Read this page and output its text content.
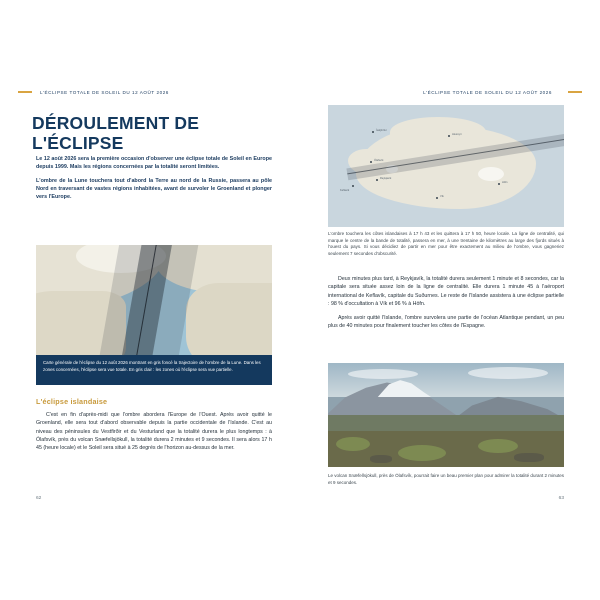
L'ÉCLIPSE TOTALE DE SOLEIL DU 12 AOÛT 2026
DÉROULEMENT DE L'ÉCLIPSE

Le 12 août 2026 sera la première occasion d'observer une éclipse totale de Soleil en Europe depuis 1999. Mais les régions concernées par la totalité seront limitées.

L'ombre de la Lune touchera tout d'abord la Terre au nord de la Russie, passera au pôle Nord en traversant de vastes régions inhabitées, avant de survoler le Groenland et plonger vers l'Europe.

Carte générale de l'éclipse du 12 août 2026 montrant en gris foncé la trajectoire de l'ombre de la Lune. Dans les zones concernées, l'éclipse sera vue totale. En gris clair : les zones où l'éclipse sera vue partielle.

L'éclipse islandaise

C'est en fin d'après-midi que l'ombre abordera l'Europe de l'Ouest. Après avoir quitté le Groenland, elle sera tout d'abord observable depuis la partie occidentale de l'Islande. C'est au niveau des péninsules du Vestfirðir et du Vesturland que la totalité durera le plus longtemps : à Ólafsvík, près du volcan Snæfellsjökull, la totalité durera 2 minutes et 9 secondes. Il sera alors 17 h 45 (heure locale) et le Soleil sera situé à 25 degrés de l'horizon au-dessus de la mer.

62
L'ÉCLIPSE TOTALE DE SOLEIL DU 12 AOÛT 2026
Ísafjörður
Akureyri
Ólafsvík
Reykjavík
Keflavík
Höfn
Vík
L'ombre touchera les côtes islandaises à 17 h 43 et les quittera à 17 h 50, heure locale. La ligne de centralité, qui marque le centre de la bande de totalité, passera en mer, à une trentaine de kilomètres au large des fjords situés à l'ouest du pays. Si vous décidiez de partir en mer pour être exactement au milieu de l'ombre, vous gagneriez seulement 7 secondes d'obscurité.

Deux minutes plus tard, à Reykjavík, la totalité durera seulement 1 minute et 8 secondes, car la capitale sera située assez loin de la ligne de centralité. Elle durera 1 minute 45 à l'aéroport international de Keflavík, capitale du Suðurnes. Le reste de l'Islande assistera à une éclipse partielle : 98 % d'occultation à Vík et 96 % à Höfn.

Après avoir quitté l'Islande, l'ombre survolera une partie de l'océan Atlantique pendant, un peu plus de 40 minutes pour finalement toucher les côtes de l'Espagne.

Le volcan Snæfellsjökull, près de Ólafsvík, pourrait faire un beau premier plan pour admirer la totalité durant 2 minutes et 9 secondes.
63
